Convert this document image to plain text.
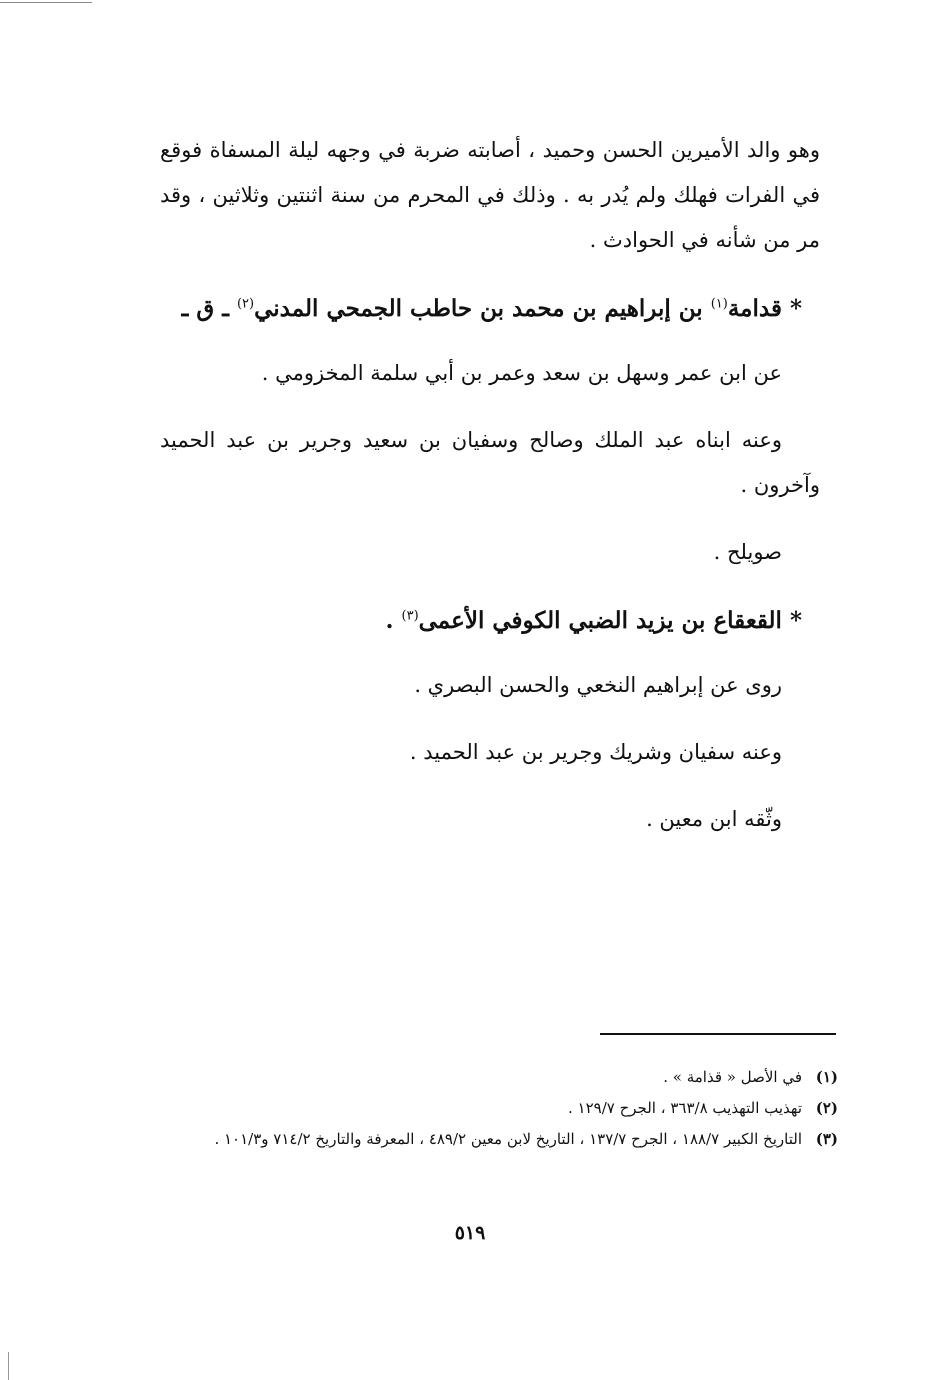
وهو والد الأميرين الحسن وحميد ، أصابته ضربة في وجهه ليلة المسفاة فوقع في الفرات فهلك ولم يُدر به . وذلك في المحرم من سنة اثنتين وثلاثين ، وقد مر من شأنه في الحوادث .

* قدامة$^{(١)}$ بن إبراهيم بن محمد بن حاطب الجمحي المدني$^{(٢)}$ ـ ق ـ

عن ابن عمر وسهل بن سعد وعمر بن أبي سلمة المخزومي .

وعنه ابناه عبد الملك وصالح وسفيان بن سعيد وجرير بن عبد الحميد وآخرون .

صويلح .

* القعقاع بن يزيد الضبي الكوفي الأعمى$^{(٣)}$ .

روى عن إبراهيم النخعي والحسن البصري .

وعنه سفيان وشريك وجرير بن عبد الحميد .

وثّقه ابن معين .

(١)
في الأصل « قذامة » .
(٢)
تهذيب التهذيب ٣٦٣/٨ ، الجرح ١٢٩/٧ .
(٣)
التاريخ الكبير ١٨٨/٧ ، الجرح ١٣٧/٧ ، التاريخ لابن معين ٤٨٩/٢ ، المعرفة والتاريخ ٧١٤/٢ و١٠١/٣ .
٥١٩
